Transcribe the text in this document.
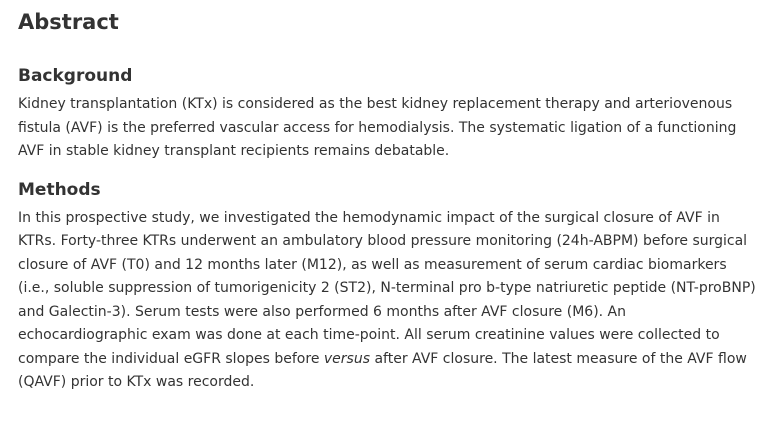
Abstract
Background

Kidney transplantation (KTx) is considered as the best kidney replacement therapy and arteriovenous fistula (AVF) is the preferred vascular access for hemodialysis. The systematic ligation of a functioning AVF in stable kidney transplant recipients remains debatable.

Methods

In this prospective study, we investigated the hemodynamic impact of the surgical closure of AVF in KTRs. Forty-three KTRs underwent an ambulatory blood pressure monitoring (24h-ABPM) before surgical closure of AVF (T0) and 12 months later (M12), as well as measurement of serum cardiac biomarkers (i.e., soluble suppression of tumorigenicity 2 (ST2), N-terminal pro b-type natriuretic peptide (NT-proBNP) and Galectin-3). Serum tests were also performed 6 months after AVF closure (M6). An echocardiographic exam was done at each time-point. All serum creatinine values were collected to compare the individual eGFR slopes before versus after AVF closure. The latest measure of the AVF flow (QAVF) prior to KTx was recorded.
